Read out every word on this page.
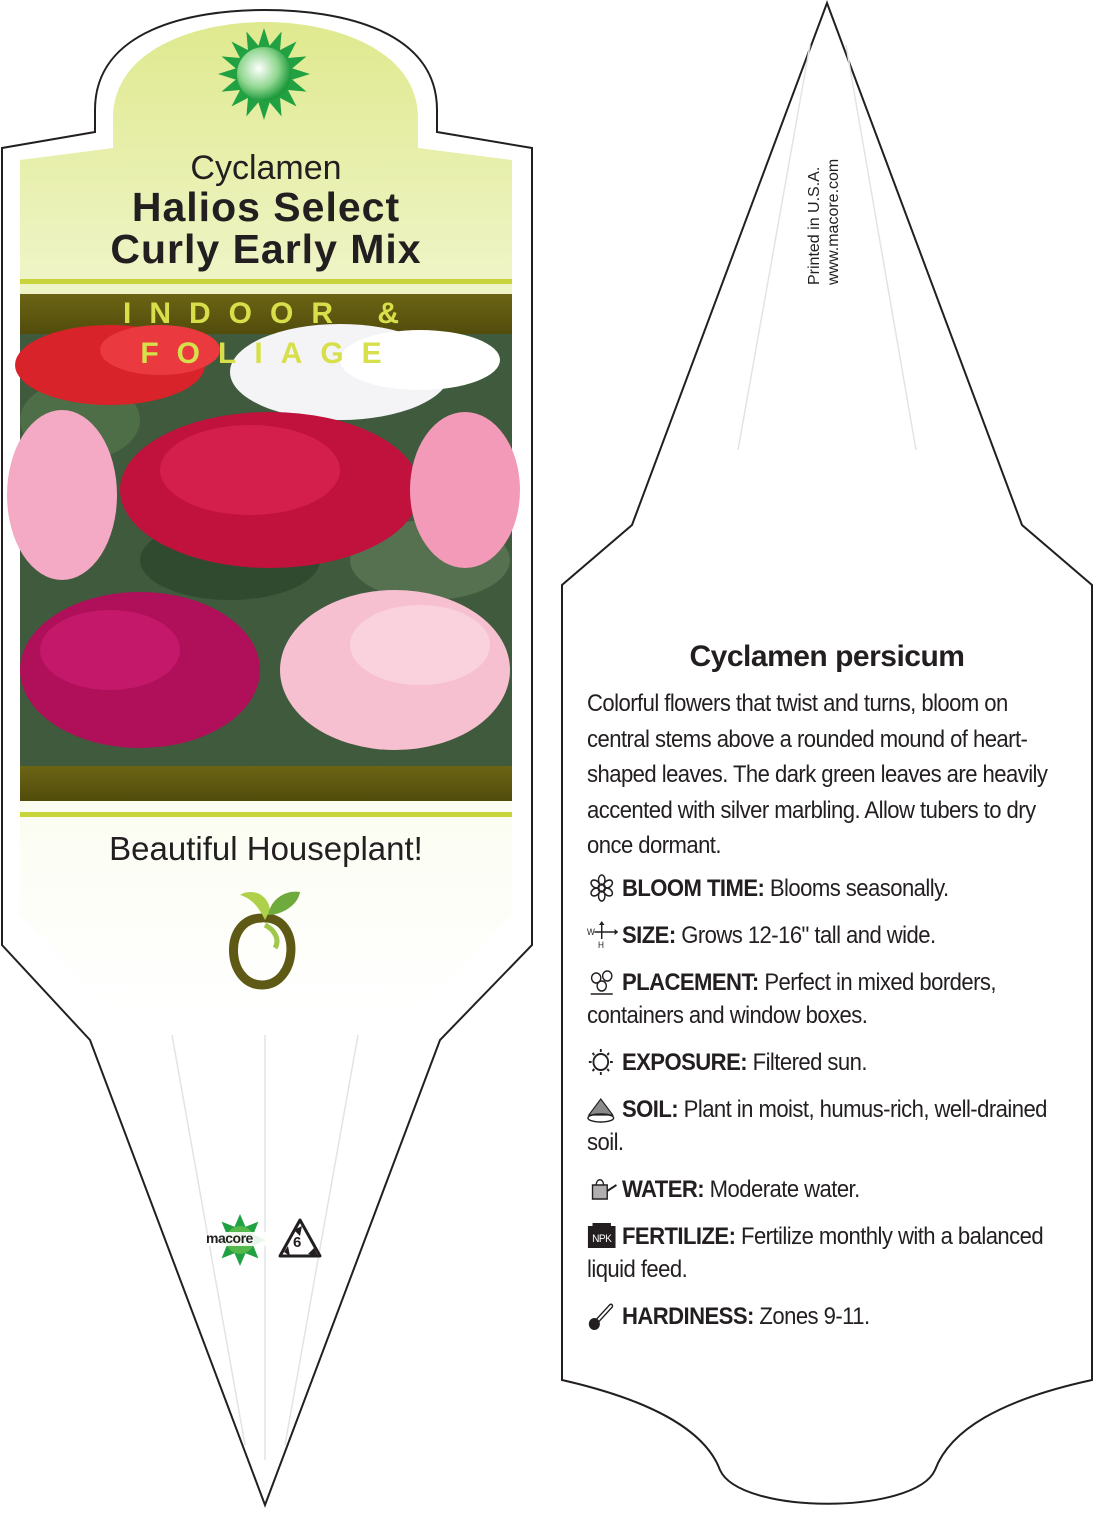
Cyclamen
Halios Select
Curly Early Mix
INDOOR & FOLIAGE
Beautiful Houseplant!
macore	6
Printed in U.S.A. www.macore.com
Cyclamen persicum

Colorful flowers that twist and turns, bloom on central stems above a rounded mound of heart-shaped leaves. The dark green leaves are heavily accented with silver marbling. Allow tubers to dry once dormant.

BLOOM TIME: Blooms seasonally.

W
H SIZE: Grows 12-16" tall and wide.

PLACEMENT: Perfect in mixed borders, containers and window boxes.

EXPOSURE: Filtered sun.

SOIL: Plant in moist, humus-rich, well-drained soil.

WATER: Moderate water.

NPK FERTILIZE: Fertilize monthly with a balanced liquid feed.

HARDINESS: Zones 9-11.
